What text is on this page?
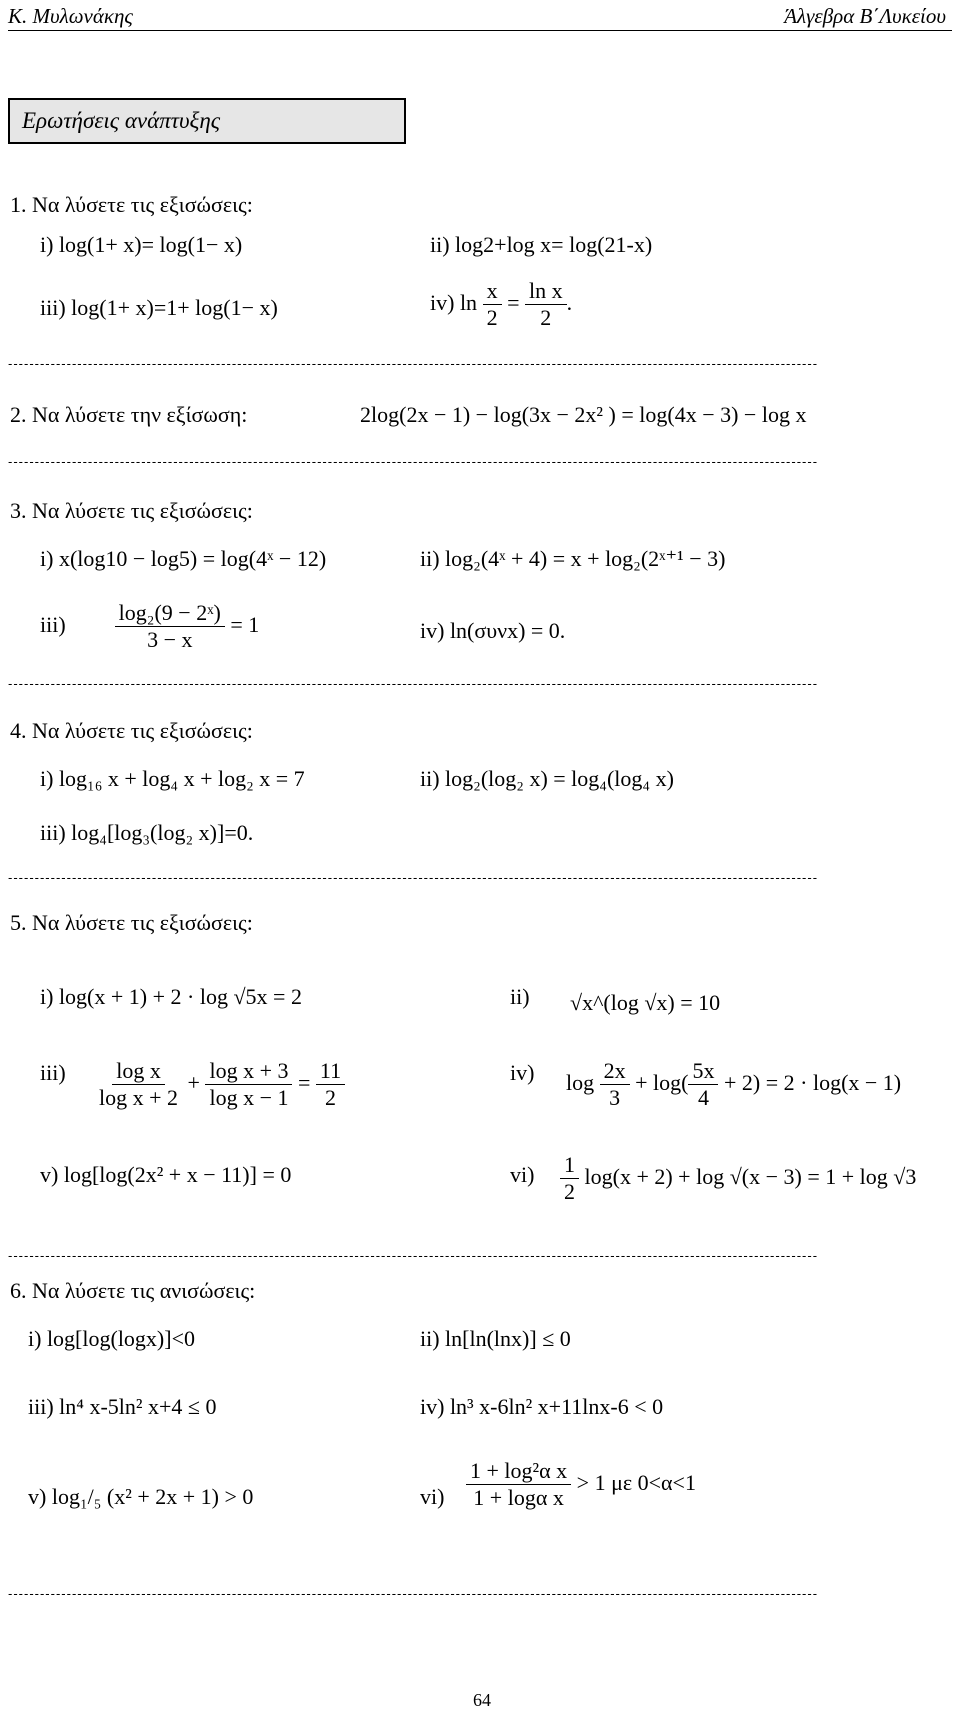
Κ. Μυλωνάκης	Άλγεβρα Β΄Λυκείου
Ερωτήσεις ανάπτυξης
1. Να λύσετε τις εξισώσεις:
i) log(1+ x)= log(1− x)	ii) log2+log x= log(21-x)
iii) log(1+ x)=1+ log(1− x)	iv) $\ln \frac{x}{2} = \frac{\text{ln x}}{2}$ .
--------------------------------------------------------------------------------------------------------------------------------------------------------
2. Να λύσετε την εξίσωση:	2log(2x − 1) − log(3x − 2x² ) = log(4x − 3) − log x
--------------------------------------------------------------------------------------------------------------------------------------------------------
3. Να λύσετε τις εξισώσεις:
i) x(log10 − log5) = log(4ˣ − 12)	ii) log₂(4ˣ + 4) = x + log₂(2ˣ⁺¹ − 3)
$iii) \frac{\text{log₂(9 − 2ˣ)}}{3 - x} = 1$	iv) ln(συνx) = 0.
--------------------------------------------------------------------------------------------------------------------------------------------------------
4. Να λύσετε τις εξισώσεις:
i) log₁₆ x + log₄ x + log₂ x = 7	ii) log₂(log₂ x) = log₄(log₄ x)
iii) log₄[log₃(log₂ x)]=0.
--------------------------------------------------------------------------------------------------------------------------------------------------------
5. Να λύσετε τις εξισώσεις:
i) log(x + 1) + 2 · log √5x = 2	ii) √x^(log √x) = 10
$iii) \frac{\text{log x}}{\text{log x + 2}} + \frac{\text{log x + 3}}{\text{log x − 1}} = \frac{11}{2}$	iv) $\log \frac{2x}{3} + \log( \frac{5x}{4} + 2) = 2 \cdot \log(x - 1)$
v) log[log(2x² + x − 11)] = 0	$vi) \frac{1}{2} \log(x + 2) + \log √(x - 3) = 1 + \log √3$
--------------------------------------------------------------------------------------------------------------------------------------------------------
6. Να λύσετε τις ανισώσεις:
i) log[log(logx)]<0	ii) ln[ln(lnx)] ≤ 0
iii) ln⁴ x-5ln² x+4 ≤ 0	iv) ln³ x-6ln² x+11lnx-6 < 0
v) log₁/₅ (x² + 2x + 1) > 0	$vi) \frac{\text{1 + log²α x}}{\text{1 + logα x}} > 1$ με 0<α<1
--------------------------------------------------------------------------------------------------------------------------------------------------------
64
